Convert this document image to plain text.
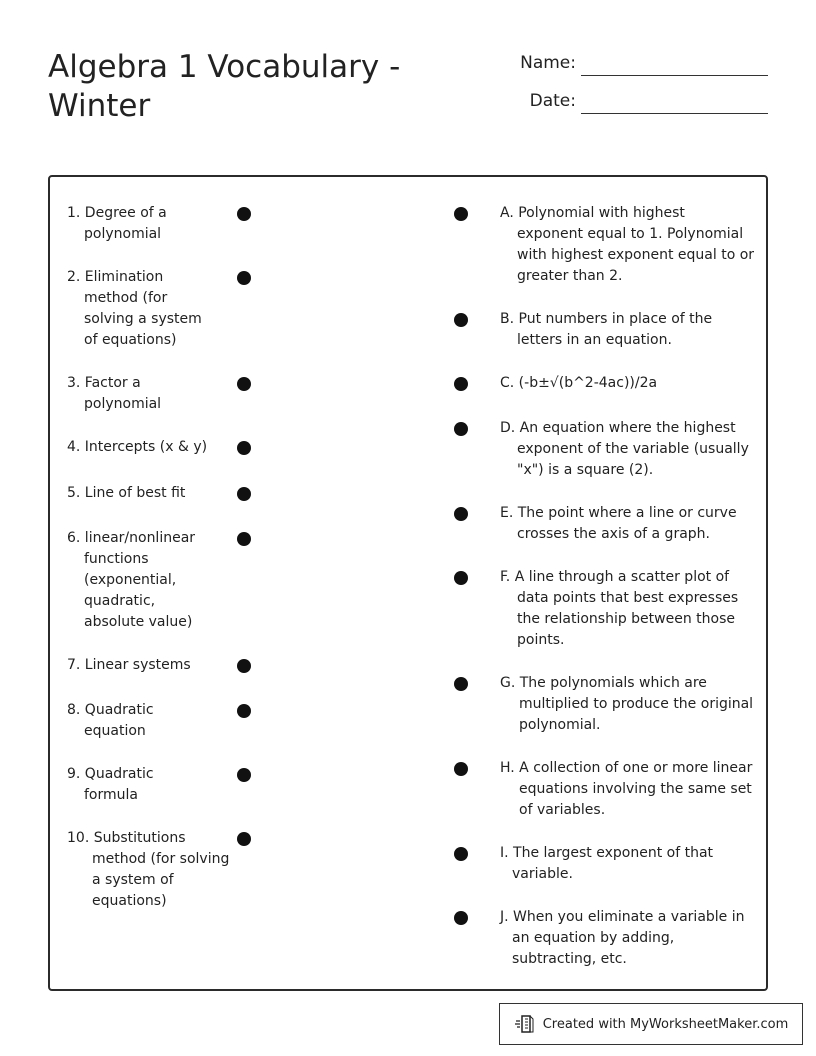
Algebra 1 Vocabulary - Winter
Name:
Date:
1. Degree of a polynomial
2. Elimination method (for solving a system of equations)
3. Factor a polynomial
4. Intercepts (x & y)
5. Line of best fit
6. linear/nonlinear functions (exponential, quadratic, absolute value)
7. Linear systems
8. Quadratic equation
9. Quadratic formula
10. Substitutions method (for solving a system of equations)
A. Polynomial with highest exponent equal to 1. Polynomial with highest exponent equal to or greater than 2.
B. Put numbers in place of the letters in an equation.
C. (-b±√(b^2-4ac))/2a
D. An equation where the highest exponent of the variable (usually "x") is a square (2).
E. The point where a line or curve crosses the axis of a graph.
F. A line through a scatter plot of data points that best expresses the relationship between those points.
G. The polynomials which are multiplied to produce the original polynomial.
H. A collection of one or more linear equations involving the same set of variables.
I. The largest exponent of that variable.
J. When you eliminate a variable in an equation by adding, subtracting, etc.
Created with MyWorksheetMaker.com
